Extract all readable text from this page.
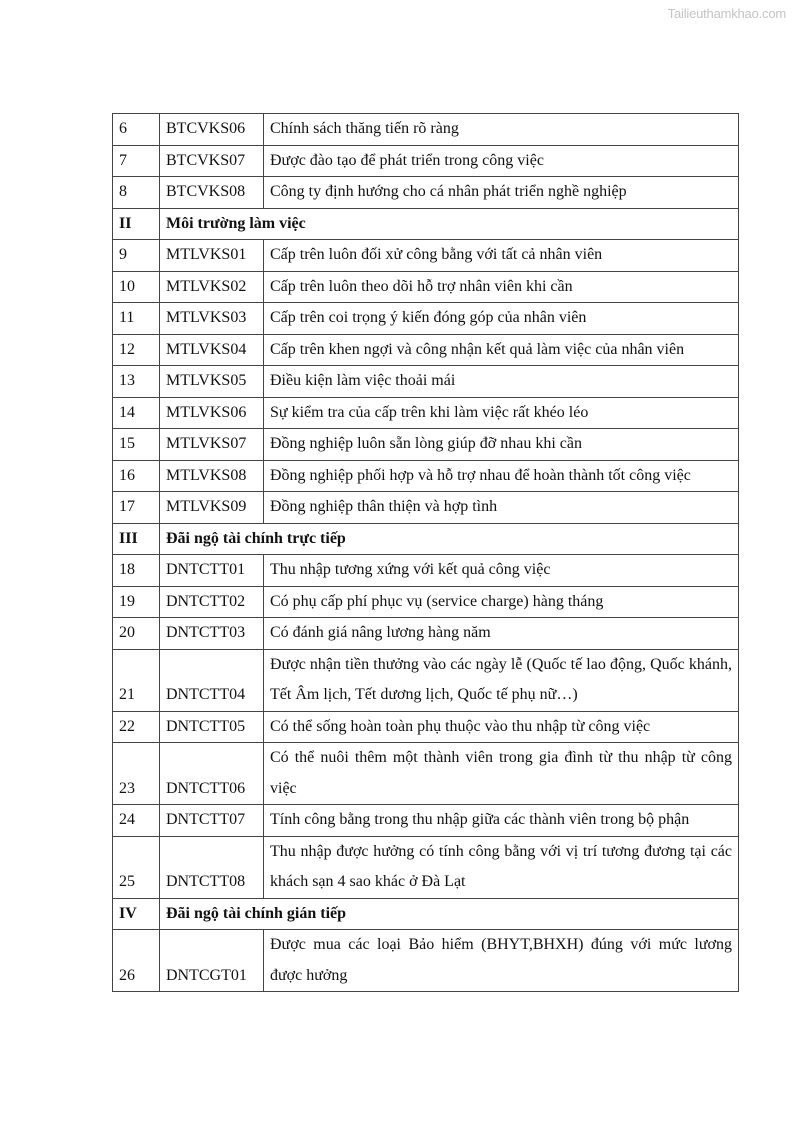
Tailieuthamkhao.com
6	BTCVKS06	Chính sách thăng tiến rõ ràng
7	BTCVKS07	Được đào tạo để phát triển trong công việc
8	BTCVKS08	Công ty định hướng cho cá nhân phát triển nghề nghiệp
II	Môi trường làm việc	
9	MTLVKS01	Cấp trên luôn đối xử công bằng với tất cả nhân viên
10	MTLVKS02	Cấp trên luôn theo dõi hỗ trợ nhân viên khi cần
11	MTLVKS03	Cấp trên coi trọng ý kiến đóng góp của nhân viên
12	MTLVKS04	Cấp trên khen ngợi và công nhận kết quả làm việc của nhân viên
13	MTLVKS05	Điều kiện làm việc thoải mái
14	MTLVKS06	Sự kiểm tra của cấp trên khi làm việc rất khéo léo
15	MTLVKS07	Đồng nghiệp luôn sẵn lòng giúp đỡ nhau khi cần
16	MTLVKS08	Đồng nghiệp phối hợp và hỗ trợ nhau để hoàn thành tốt công việc
17	MTLVKS09	Đồng nghiệp thân thiện và hợp tình
III	Đãi ngộ tài chính trực tiếp	
18	DNTCTT01	Thu nhập tương xứng với kết quả công việc
19	DNTCTT02	Có phụ cấp phí phục vụ (service charge) hàng tháng
20	DNTCTT03	Có đánh giá nâng lương hàng năm
21	DNTCTT04	Được nhận tiền thưởng vào các ngày lễ (Quốc tế lao động, Quốc khánh, Tết Âm lịch, Tết dương lịch, Quốc tế phụ nữ…)
22	DNTCTT05	Có thể sống hoàn toàn phụ thuộc vào thu nhập từ công việc
23	DNTCTT06	Có thể nuôi thêm một thành viên trong gia đình từ thu nhập từ công việc
24	DNTCTT07	Tính công bằng trong thu nhập giữa các thành viên trong bộ phận
25	DNTCTT08	Thu nhập được hưởng có tính công bằng với vị trí tương đương tại các khách sạn 4 sao khác ở Đà Lạt
IV	Đãi ngộ tài chính gián tiếp	
26	DNTCGT01	Được mua các loại Bảo hiểm (BHYT,BHXH) đúng với mức lương được hưởng
